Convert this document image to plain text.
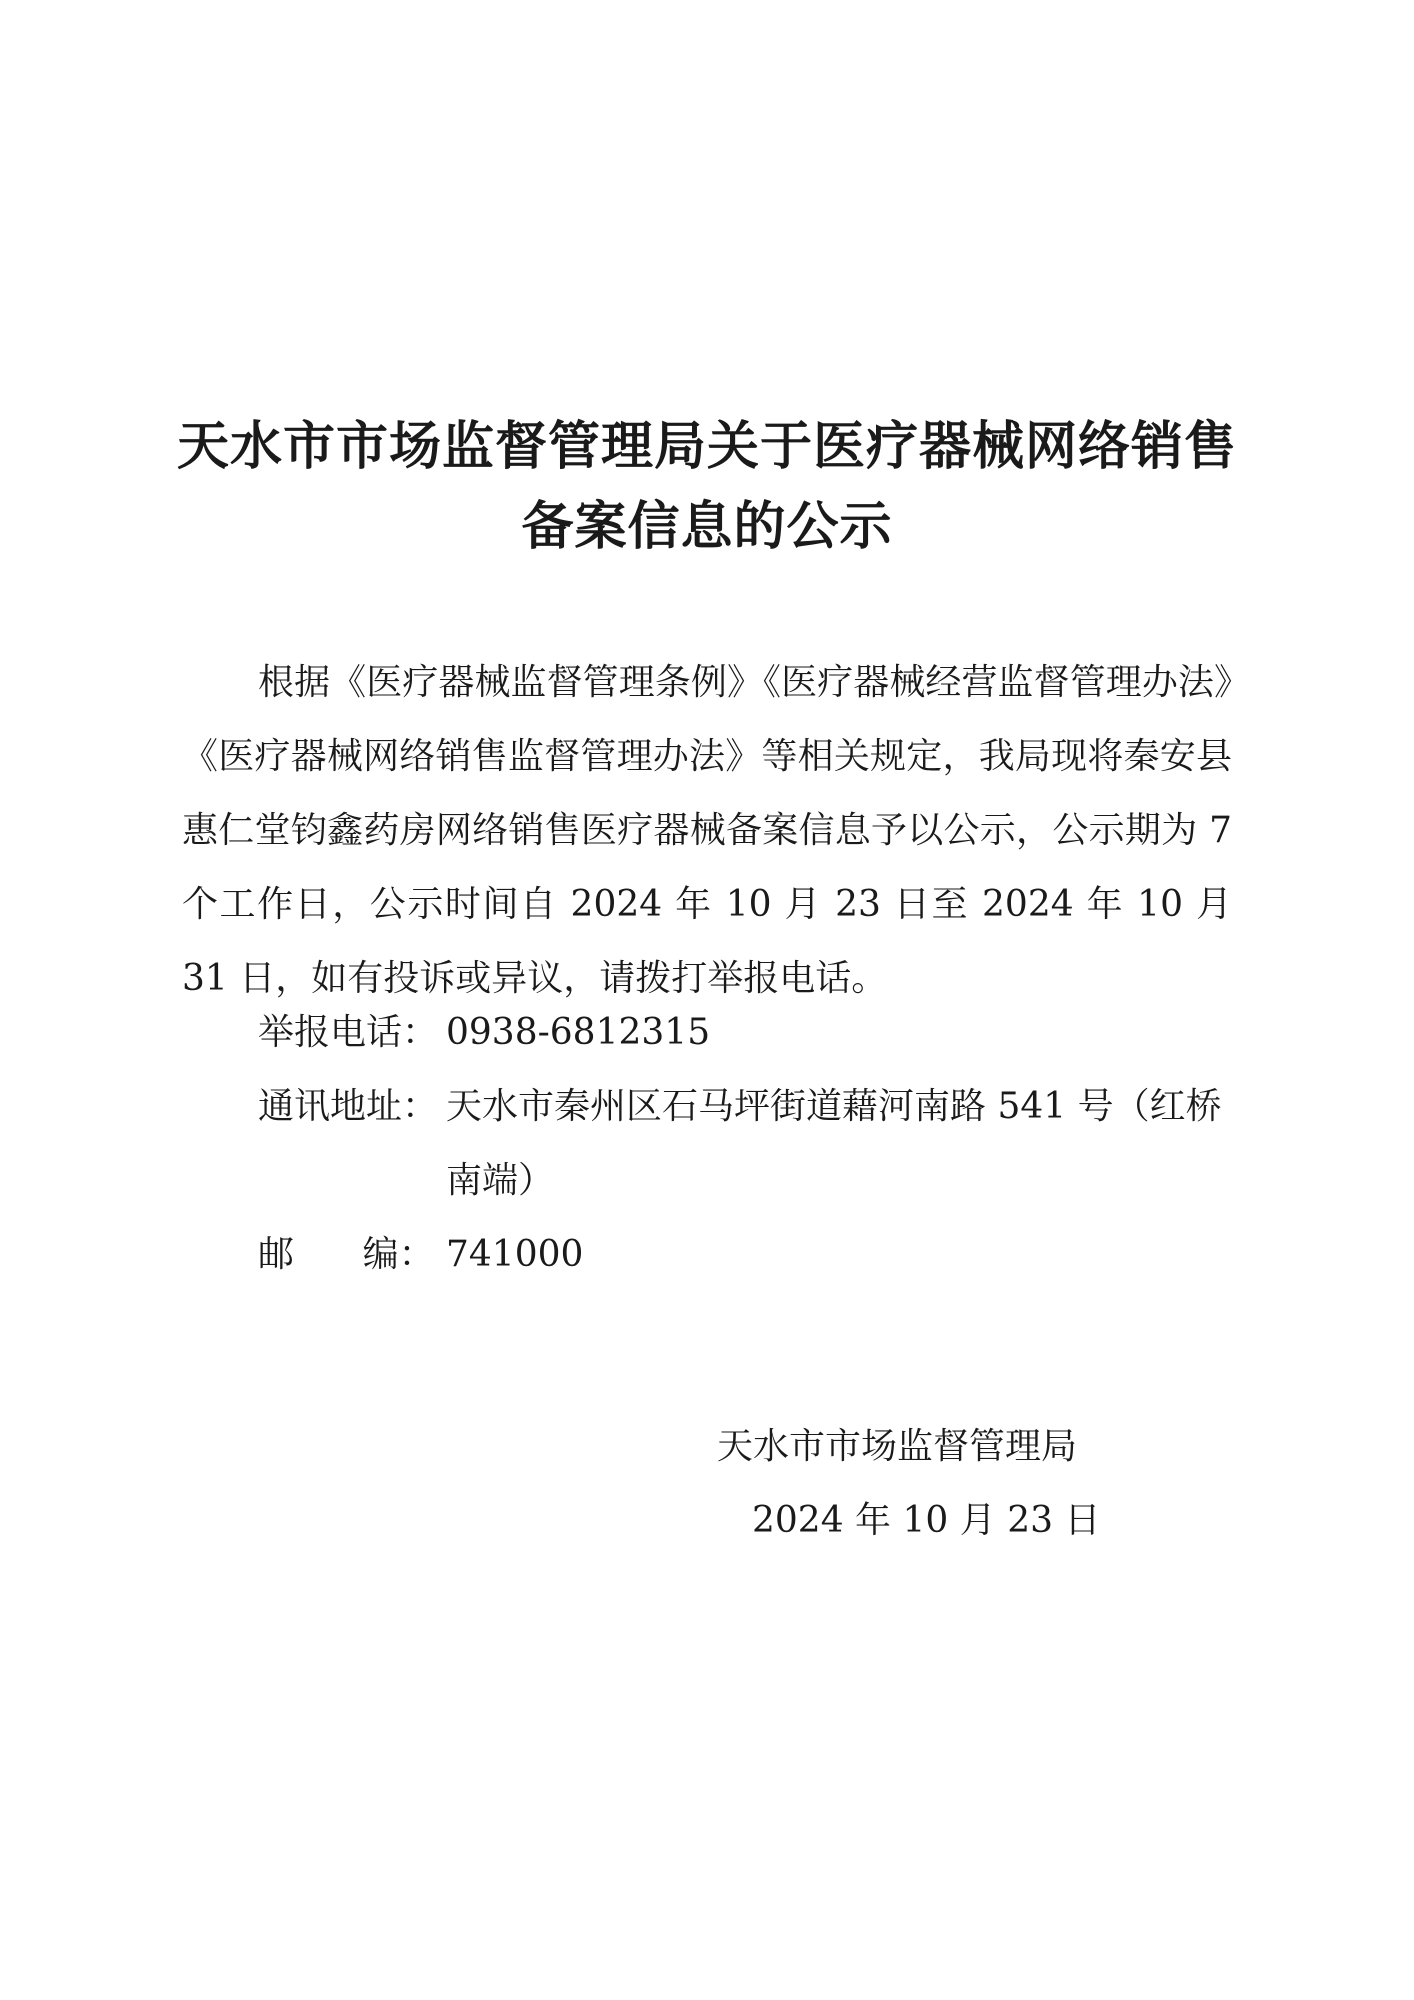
天水市市场监督管理局关于医疗器械网络销售
备案信息的公示
根据《医疗器械监督管理条例》《医疗器械经营监督管理办法》《医疗器械网络销售监督管理办法》等相关规定，我局现将秦安县惠仁堂钧鑫药房网络销售医疗器械备案信息予以公示，公示期为 7 个工作日，公示时间自 2024 年 10 月 23 日至 2024 年 10 月 31 日，如有投诉或异议，请拨打举报电话。
举报电话： 0938-6812315
通讯地址： 天水市秦州区石马坪街道藉河南路 541 号（红桥
南端）
邮      编： 741000
天水市市场监督管理局
2024 年 10 月 23 日
